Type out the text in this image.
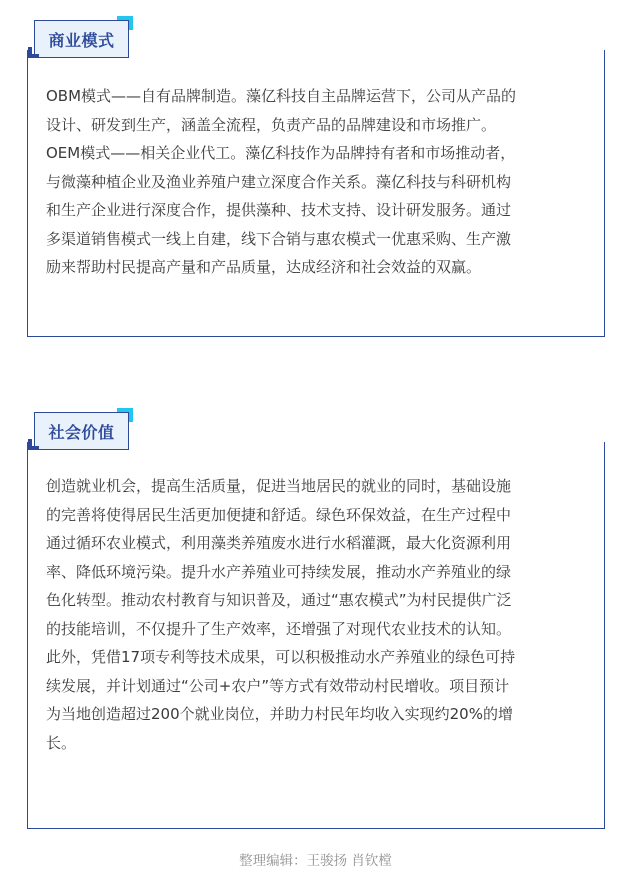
商业模式
OBM模式——自有品牌制造。藻亿科技自主品牌运营下，公司从产品的
设计、研发到生产，涵盖全流程，负责产品的品牌建设和市场推广。
OEM模式——相关企业代工。藻亿科技作为品牌持有者和市场推动者，
与微藻种植企业及渔业养殖户建立深度合作关系。藻亿科技与科研机构
和生产企业进行深度合作，提供藻种、技术支持、设计研发服务。通过
多渠道销售模式一线上自建，线下合销与惠农模式一优惠采购、生产激
励来帮助村民提高产量和产品质量，达成经济和社会效益的双赢。
社会价值
创造就业机会，提高生活质量，促进当地居民的就业的同时，基础设施
的完善将使得居民生活更加便捷和舒适。绿色环保效益，在生产过程中
通过循环农业模式，利用藻类养殖废水进行水稻灌溉，最大化资源利用
率、降低环境污染。提升水产养殖业可持续发展，推动水产养殖业的绿
色化转型。推动农村教育与知识普及，通过“惠农模式”为村民提供广泛
的技能培训，不仅提升了生产效率，还增强了对现代农业技术的认知。
此外，凭借17项专利等技术成果，可以积极推动水产养殖业的绿色可持
续发展，并计划通过“公司+农户”等方式有效带动村民增收。项目预计
为当地创造超过200个就业岗位，并助力村民年均收入实现约20%的增
长。
整理编辑：王骏扬 肖钦樘
